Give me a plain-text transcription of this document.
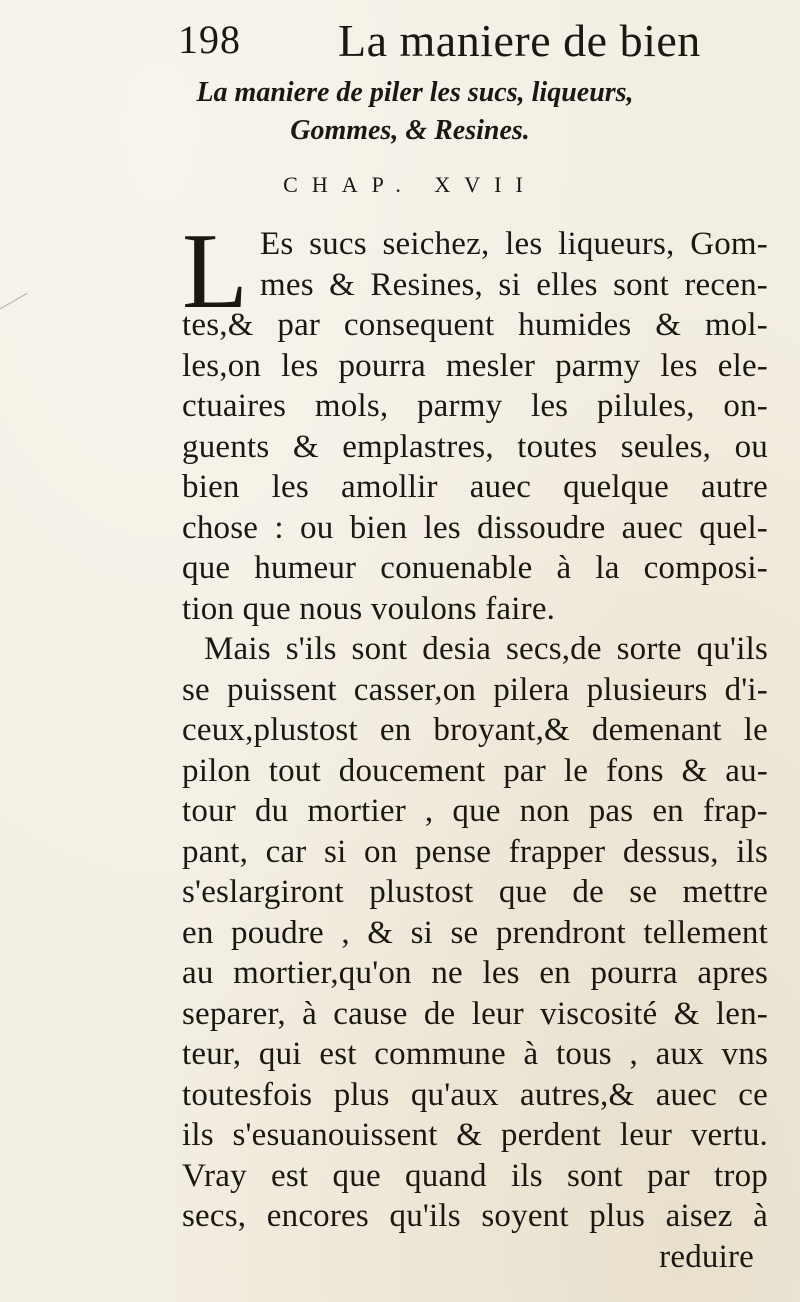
198 La maniere de bien
La maniere de piler les sucs, liqueurs,
Gommes, & Resines.
CHAP. XVII
L Es sucs seichez, les liqueurs, Gom-
mes & Resines, si elles sont recen-
tes,& par consequent humides & mol-
les,on les pourra mesler parmy les ele-
ctuaires mols, parmy les pilules, on-
guents & emplastres, toutes seules, ou
bien les amollir auec quelque autre
chose : ou bien les dissoudre auec quel-
que humeur conuenable à la composi-
tion que nous voulons faire.
Mais s'ils sont desia secs,de sorte qu'ils
se puissent casser,on pilera plusieurs d'i-
ceux,plustost en broyant,& demenant le
pilon tout doucement par le fons & au-
tour du mortier , que non pas en frap-
pant, car si on pense frapper dessus, ils
s'eslargiront plustost que de se mettre
en poudre , & si se prendront tellement
au mortier,qu'on ne les en pourra apres
separer, à cause de leur viscosité & len-
teur, qui est commune à tous , aux vns
toutesfois plus qu'aux autres,& auec ce
ils s'esuanouissent & perdent leur vertu.
Vray est que quand ils sont par trop
secs, encores qu'ils soyent plus aisez à
reduire
